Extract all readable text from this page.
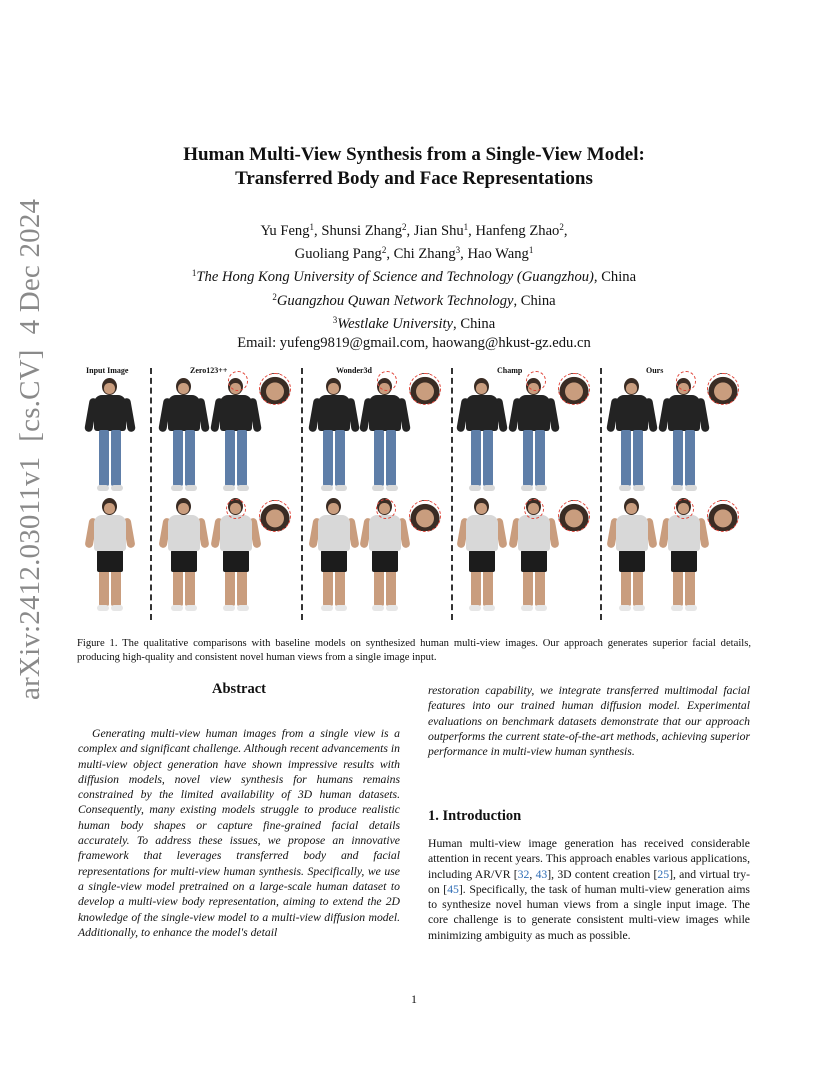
arXiv:2412.03011v1  [cs.CV]  4 Dec 2024
Human Multi-View Synthesis from a Single-View Model:
Transferred Body and Face Representations
Yu Feng$^1$, Shunsi Zhang$^2$, Jian Shu$^1$, Hanfeng Zhao$^2$,
Guoliang Pang$^2$, Chi Zhang$^3$, Hao Wang$^1$
$^1$The Hong Kong University of Science and Technology (Guangzhou), China
$^2$Guangzhou Quwan Network Technology, China
$^3$Westlake University, China
Email: yufeng9819@gmail.com, haowang@hkust-gz.edu.cn
Input Image	Zero123++	Wonder3d	Champ	Ours
Figure 1. The qualitative comparisons with baseline models on synthesized human multi-view images. Our approach generates superior facial details, producing high-quality and consistent novel human views from a single image input.
Abstract

Generating multi-view human images from a single view is a complex and significant challenge. Although recent advancements in multi-view object generation have shown impressive results with diffusion models, novel view synthesis for humans remains constrained by the limited availability of 3D human datasets. Consequently, many existing models struggle to produce realistic human body shapes or capture fine-grained facial details accurately. To address these issues, we propose an innovative framework that leverages transferred body and facial representations for multi-view human synthesis. Specifically, we use a single-view model pretrained on a large-scale human dataset to develop a multi-view body representation, aiming to extend the 2D knowledge of the single-view model to a multi-view diffusion model. Additionally, to enhance the model's detail

restoration capability, we integrate transferred multimodal facial features into our trained human diffusion model. Experimental evaluations on benchmark datasets demonstrate that our approach outperforms the current state-of-the-art methods, achieving superior performance in multi-view human synthesis.

1. Introduction

Human multi-view image generation has received considerable attention in recent years. This approach enables various applications, including AR/VR [32, 43], 3D content creation [25], and virtual try-on [45]. Specifically, the task of human multi-view generation aims to synthesize novel human views from a single input image. The core challenge is to generate consistent multi-view images while minimizing ambiguity as much as possible.

1
